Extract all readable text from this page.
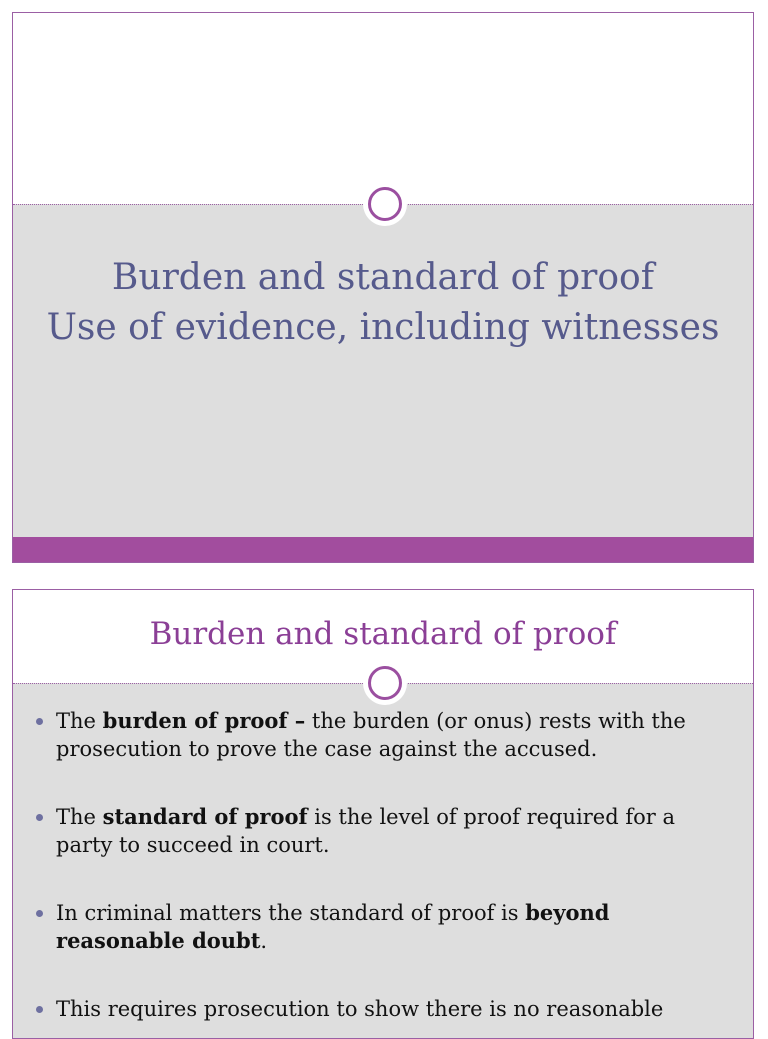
Burden and standard of proof
Use of evidence, including witnesses
Burden and standard of proof
The burden of proof – the burden (or onus) rests with the prosecution to prove the case against the accused.
The standard of proof is the level of proof required for a party to succeed in court.
In criminal matters the standard of proof is beyond reasonable doubt.
This requires prosecution to show there is no reasonable
